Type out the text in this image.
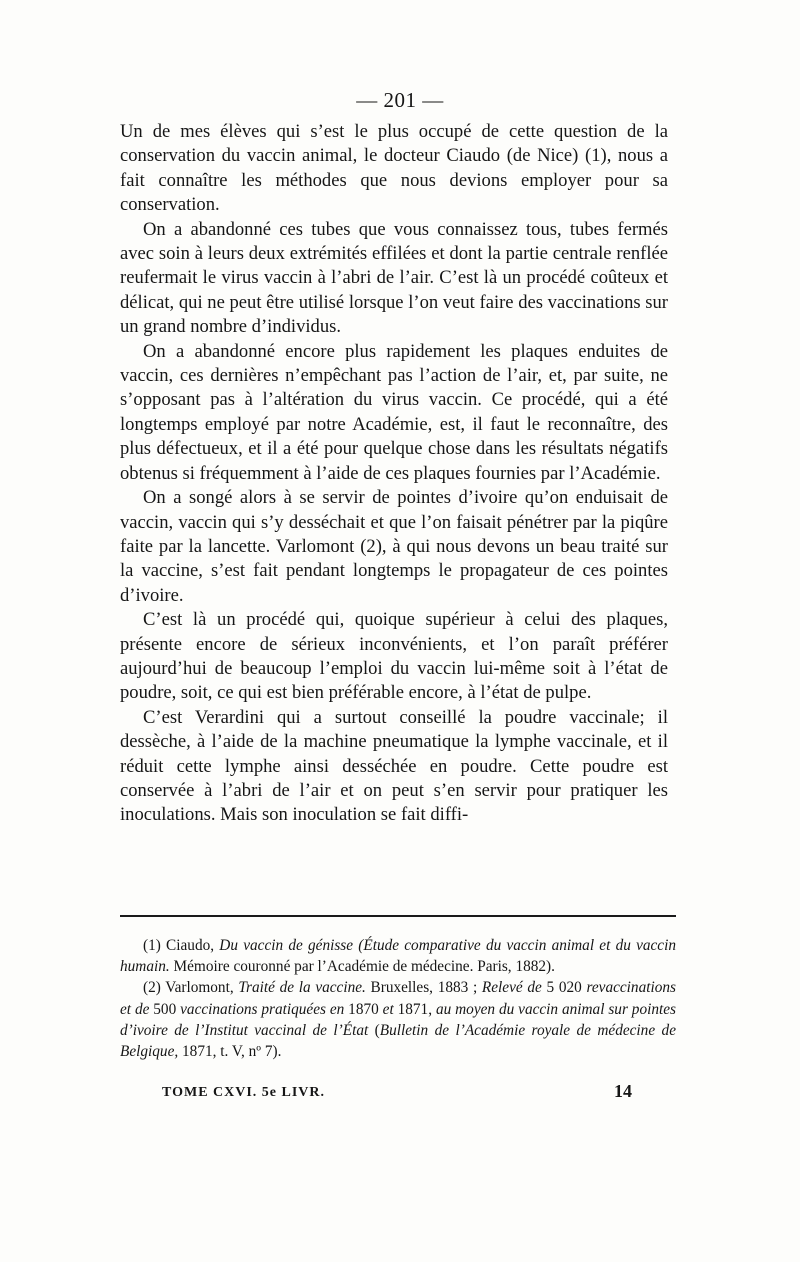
— 201 —

Un de mes élèves qui s’est le plus occupé de cette question de la conservation du vaccin animal, le docteur Ciaudo (de Nice) (1), nous a fait connaître les méthodes que nous devions employer pour sa conservation.

On a abandonné ces tubes que vous connaissez tous, tubes fermés avec soin à leurs deux extrémités effilées et dont la partie centrale renflée reufermait le virus vaccin à l’abri de l’air. C’est là un procédé coûteux et délicat, qui ne peut être utilisé lorsque l’on veut faire des vaccinations sur un grand nombre d’individus.

On a abandonné encore plus rapidement les plaques enduites de vaccin, ces dernières n’empêchant pas l’action de l’air, et, par suite, ne s’opposant pas à l’altération du virus vaccin. Ce procédé, qui a été longtemps employé par notre Académie, est, il faut le reconnaître, des plus défectueux, et il a été pour quelque chose dans les résultats négatifs obtenus si fréquemment à l’aide de ces plaques fournies par l’Académie.

On a songé alors à se servir de pointes d’ivoire qu’on enduisait de vaccin, vaccin qui s’y desséchait et que l’on faisait pénétrer par la piqûre faite par la lancette. Varlomont (2), à qui nous devons un beau traité sur la vaccine, s’est fait pendant longtemps le propagateur de ces pointes d’ivoire.

C’est là un procédé qui, quoique supérieur à celui des plaques, présente encore de sérieux inconvénients, et l’on paraît préférer aujourd’hui de beaucoup l’emploi du vaccin lui-même soit à l’état de poudre, soit, ce qui est bien préférable encore, à l’état de pulpe.

C’est Verardini qui a surtout conseillé la poudre vaccinale; il dessèche, à l’aide de la machine pneumatique la lymphe vaccinale, et il réduit cette lymphe ainsi desséchée en poudre. Cette poudre est conservée à l’abri de l’air et on peut s’en servir pour pratiquer les inoculations. Mais son inoculation se fait diffi-

(1) Ciaudo, Du vaccin de génisse (Étude comparative du vaccin animal et du vaccin humain. Mémoire couronné par l’Académie de médecine. Paris, 1882).

(2) Varlomont, Traité de la vaccine. Bruxelles, 1883 ; Relevé de 5 020 revaccinations et de 500 vaccinations pratiquées en 1870 et 1871, au moyen du vaccin animal sur pointes d’ivoire de l’Institut vaccinal de l’État (Bulletin de l’Académie royale de médecine de Belgique, 1871, t. V, nº 7).

TOME CXVI. 5e LIVR.	14
